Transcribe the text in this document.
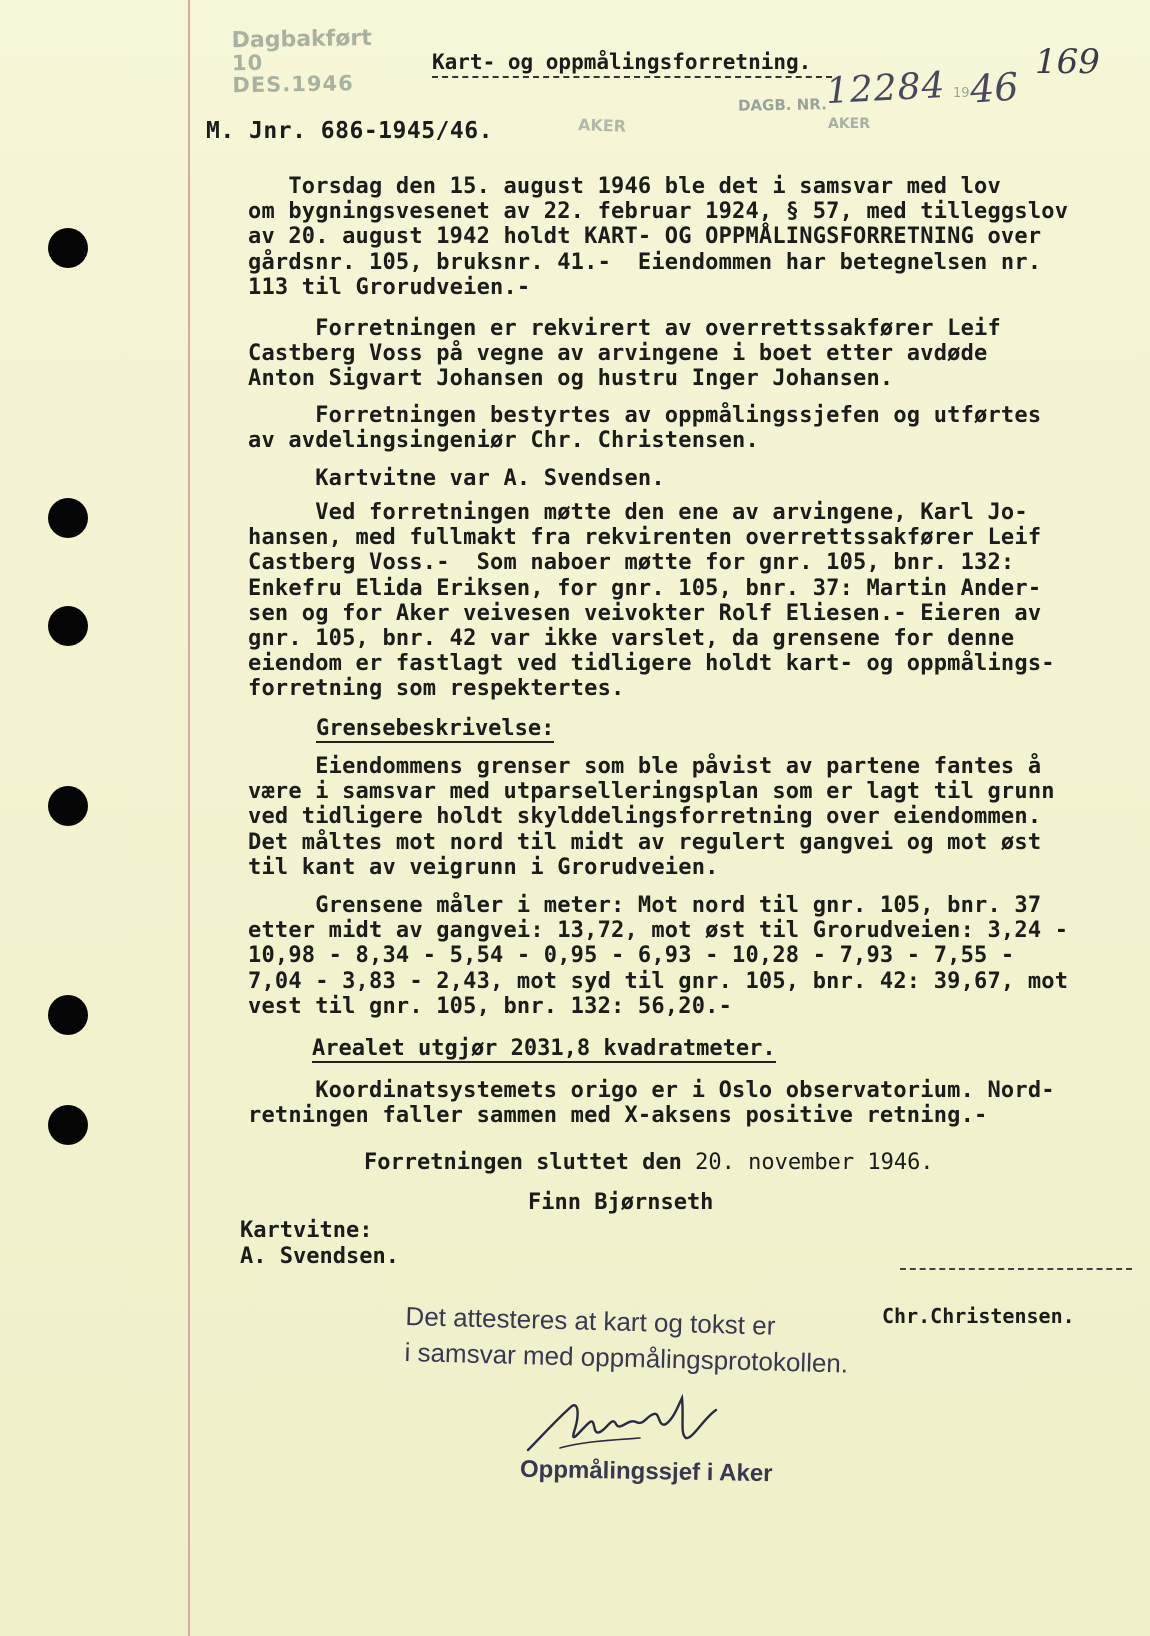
Dagbakført
10 DES.1946
Kart- og oppmålingsforretning.
DAGB. NR.
12284 19
46
169
AKER
M. Jnr. 686-1945/46.	AKER
Torsdag den 15. august 1946 ble det i samsvar med lov
om bygningsvesenet av 22. februar 1924, § 57, med tilleggslov
av 20. august 1942 holdt KART- OG OPPMÅLINGSFORRETNING over
gårdsnr. 105, bruksnr. 41.-  Eiendommen har betegnelsen nr.
113 til Grorudveien.-
Forretningen er rekvirert av overrettssakfører Leif
Castberg Voss på vegne av arvingene i boet etter avdøde
Anton Sigvart Johansen og hustru Inger Johansen.
Forretningen bestyrtes av oppmålingssjefen og utførtes
av avdelingsingeniør Chr. Christensen.
Kartvitne var A. Svendsen.
Ved forretningen møtte den ene av arvingene, Karl Jo-
hansen, med fullmakt fra rekvirenten overrettssakfører Leif
Castberg Voss.-  Som naboer møtte for gnr. 105, bnr. 132:
Enkefru Elida Eriksen, for gnr. 105, bnr. 37: Martin Ander-
sen og for Aker veivesen veivokter Rolf Eliesen.- Eieren av
gnr. 105, bnr. 42 var ikke varslet, da grensene for denne
eiendom er fastlagt ved tidligere holdt kart- og oppmålings-
forretning som respektertes.
Grensebeskrivelse:
Eiendommens grenser som ble påvist av partene fantes å
være i samsvar med utparselleringsplan som er lagt til grunn
ved tidligere holdt skylddelingsforretning over eiendommen.
Det måltes mot nord til midt av regulert gangvei og mot øst
til kant av veigrunn i Grorudveien.
Grensene måler i meter: Mot nord til gnr. 105, bnr. 37
etter midt av gangvei: 13,72, mot øst til Grorudveien: 3,24 -
10,98 - 8,34 - 5,54 - 0,95 - 6,93 - 10,28 - 7,93 - 7,55 -
7,04 - 3,83 - 2,43, mot syd til gnr. 105, bnr. 42: 39,67, mot
vest til gnr. 105, bnr. 132: 56,20.-
Arealet utgjør 2031,8 kvadratmeter.
Koordinatsystemets origo er i Oslo observatorium. Nord-
retningen faller sammen med X-aksens positive retning.-
Forretningen sluttet den 20. november 1946.
Finn Bjørnseth
Kartvitne:
A. Svendsen.
Chr.Christensen.
Det attesteres at kart og tokst er
i samsvar med oppmålingsprotokollen.
Oppmålingssjef i Aker
